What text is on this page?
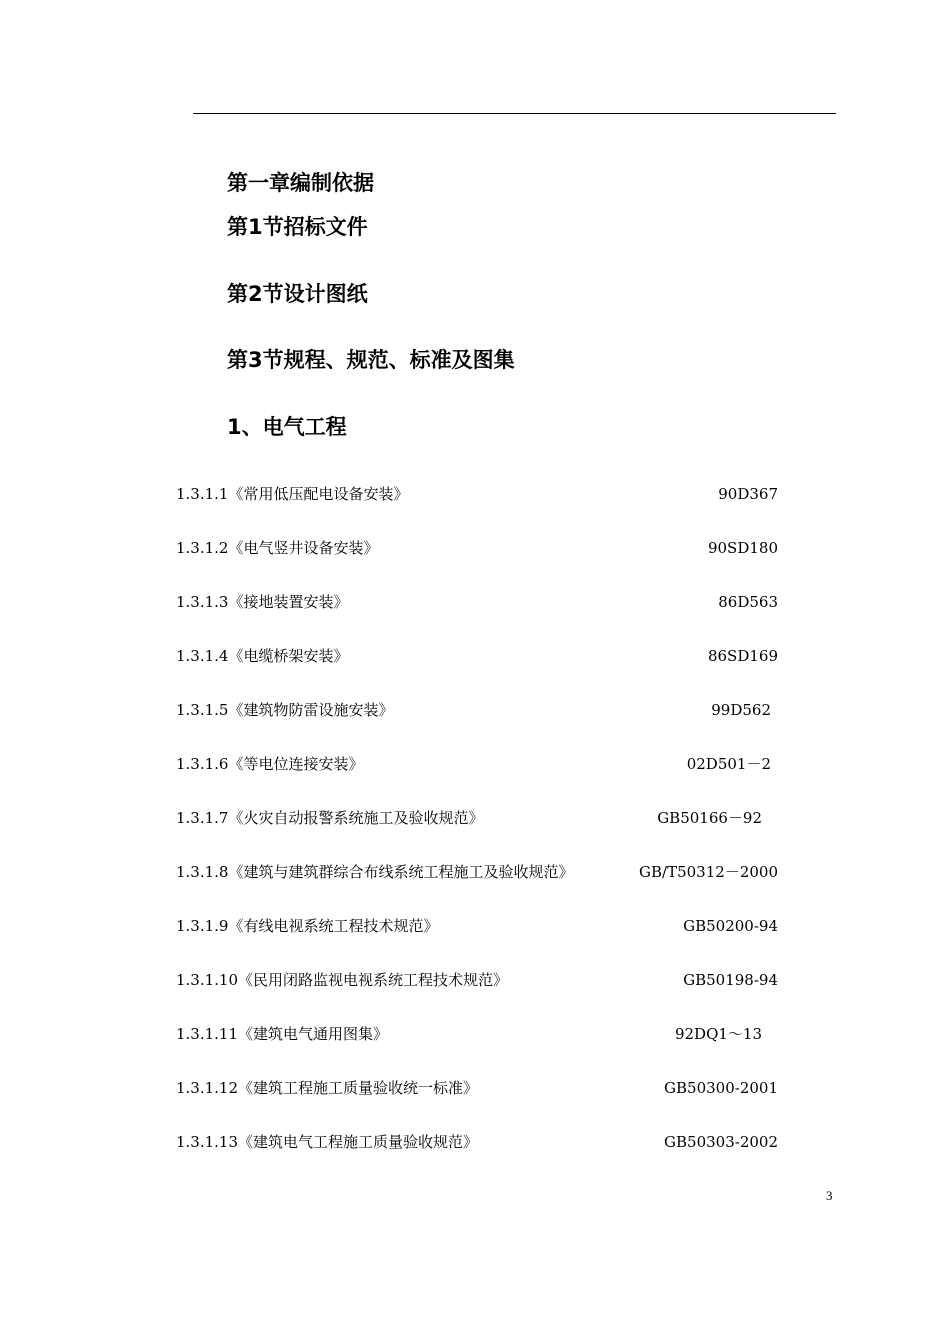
第一章编制依据
第1节招标文件
第2节设计图纸
第3节规程、规范、标准及图集
1、电气工程
1.3.1.1《常用低压配电设备安装》	90D367
1.3.1.2《电气竖井设备安装》	90SD180
1.3.1.3《接地装置安装》	86D563
1.3.1.4《电缆桥架安装》	86SD169
1.3.1.5《建筑物防雷设施安装》	99D562
1.3.1.6《等电位连接安装》	02D501－2
1.3.1.7《火灾自动报警系统施工及验收规范》	GB50166－92
1.3.1.8《建筑与建筑群综合布线系统工程施工及验收规范》	GB/T50312－2000
1.3.1.9《有线电视系统工程技术规范》	GB50200-94
1.3.1.10《民用闭路监视电视系统工程技术规范》	GB50198-94
1.3.1.11《建筑电气通用图集》	92DQ1～13
1.3.1.12《建筑工程施工质量验收统一标准》	GB50300-2001
1.3.1.13《建筑电气工程施工质量验收规范》	GB50303-2002
3
